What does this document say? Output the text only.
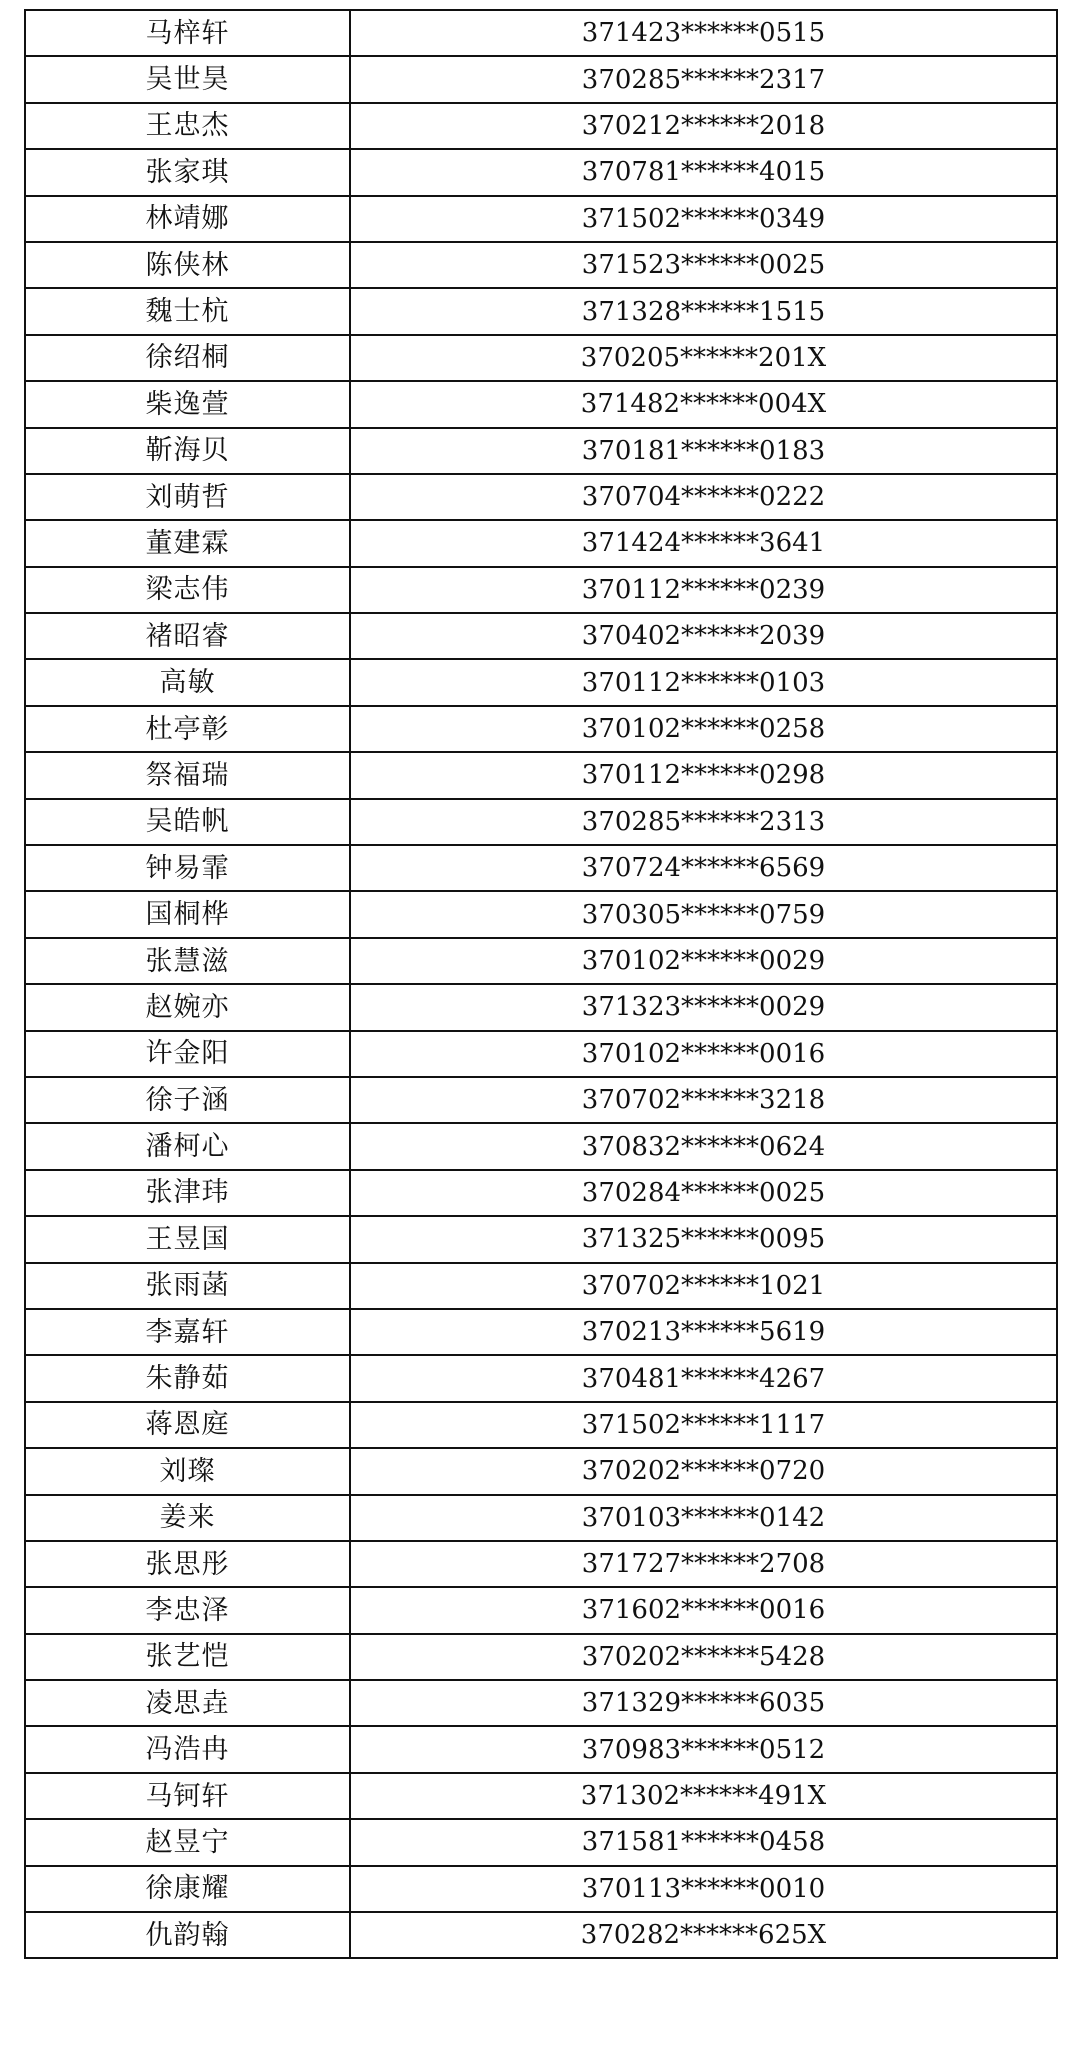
马梓轩	371423******0515
吴世昊	370285******2317
王忠杰	370212******2018
张家琪	370781******4015
林靖娜	371502******0349
陈侠林	371523******0025
魏士杭	371328******1515
徐绍桐	370205******201X
柴逸萱	371482******004X
靳海贝	370181******0183
刘萌哲	370704******0222
董建霖	371424******3641
梁志伟	370112******0239
褚昭睿	370402******2039
高敏	370112******0103
杜亭彰	370102******0258
祭福瑞	370112******0298
吴皓帆	370285******2313
钟易霏	370724******6569
国桐桦	370305******0759
张慧滋	370102******0029
赵婉亦	371323******0029
许金阳	370102******0016
徐子涵	370702******3218
潘柯心	370832******0624
张津玮	370284******0025
王昱国	371325******0095
张雨菡	370702******1021
李嘉轩	370213******5619
朱静茹	370481******4267
蒋恩庭	371502******1117
刘璨	370202******0720
姜来	370103******0142
张思彤	371727******2708
李忠泽	371602******0016
张艺恺	370202******5428
凌思垚	371329******6035
冯浩冉	370983******0512
马钶轩	371302******491X
赵昱宁	371581******0458
徐康耀	370113******0010
仇韵翰	370282******625X
